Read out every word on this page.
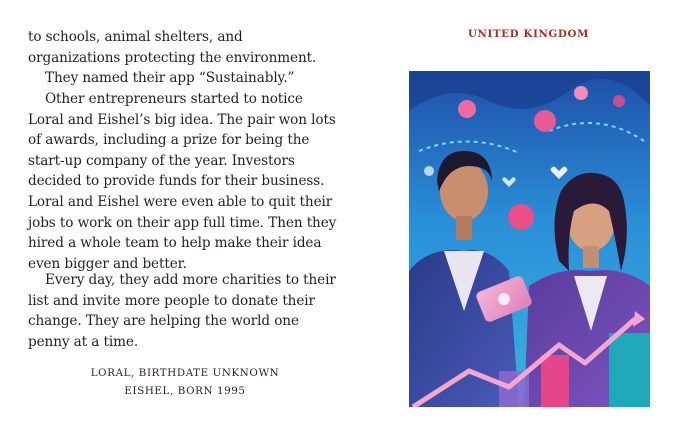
to schools, animal shelters, and organizations protecting the environment.

They named their app “Sustainably.”

Other entrepreneurs started to notice Loral and Eishel’s big idea. The pair won lots of awards, including a prize for being the start-up company of the year. Investors decided to provide funds for their business. Loral and Eishel were even able to quit their jobs to work on their app full time. Then they hired a whole team to help make their idea even bigger and better.

Every day, they add more charities to their list and invite more people to donate their change. They are helping the world one penny at a time.

LORAL, BIRTHDATE UNKNOWN
EISHEL, BORN 1995
UNITED KINGDOM
